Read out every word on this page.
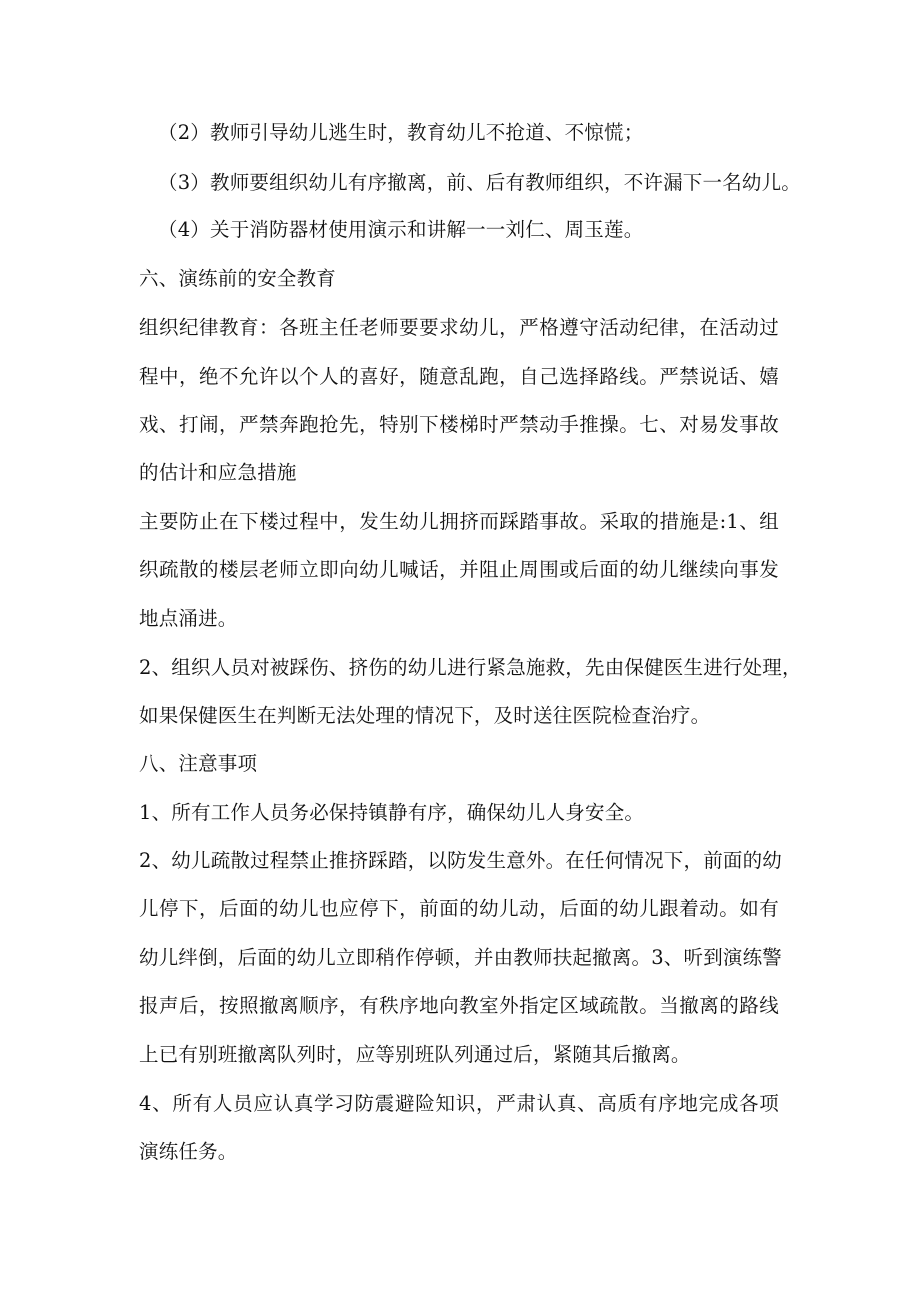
（2）教师引导幼儿逃生时，教育幼儿不抢道、不惊慌；
（3）教师要组织幼儿有序撤离，前、后有教师组织，不许漏下一名幼儿。
（4）关于消防器材使用演示和讲解一一刘仁、周玉莲。
六、演练前的安全教育
组织纪律教育：各班主任老师要要求幼儿，严格遵守活动纪律，在活动过
程中，绝不允许以个人的喜好，随意乱跑，自己选择路线。严禁说话、嬉
戏、打闹，严禁奔跑抢先，特别下楼梯时严禁动手推操。七、对易发事故
的估计和应急措施
主要防止在下楼过程中，发生幼儿拥挤而踩踏事故。采取的措施是:1、组
织疏散的楼层老师立即向幼儿喊话，并阻止周围或后面的幼儿继续向事发
地点涌进。
2、组织人员对被踩伤、挤伤的幼儿进行紧急施救，先由保健医生进行处理，
如果保健医生在判断无法处理的情况下，及时送往医院检查治疗。
八、注意事项
1、所有工作人员务必保持镇静有序，确保幼儿人身安全。
2、幼儿疏散过程禁止推挤踩踏，以防发生意外。在任何情况下，前面的幼
儿停下，后面的幼儿也应停下，前面的幼儿动，后面的幼儿跟着动。如有
幼儿绊倒，后面的幼儿立即稍作停顿，并由教师扶起撤离。3、听到演练警
报声后，按照撤离顺序，有秩序地向教室外指定区域疏散。当撤离的路线
上已有别班撤离队列时，应等别班队列通过后，紧随其后撤离。
4、所有人员应认真学习防震避险知识，严肃认真、高质有序地完成各项
演练任务。
